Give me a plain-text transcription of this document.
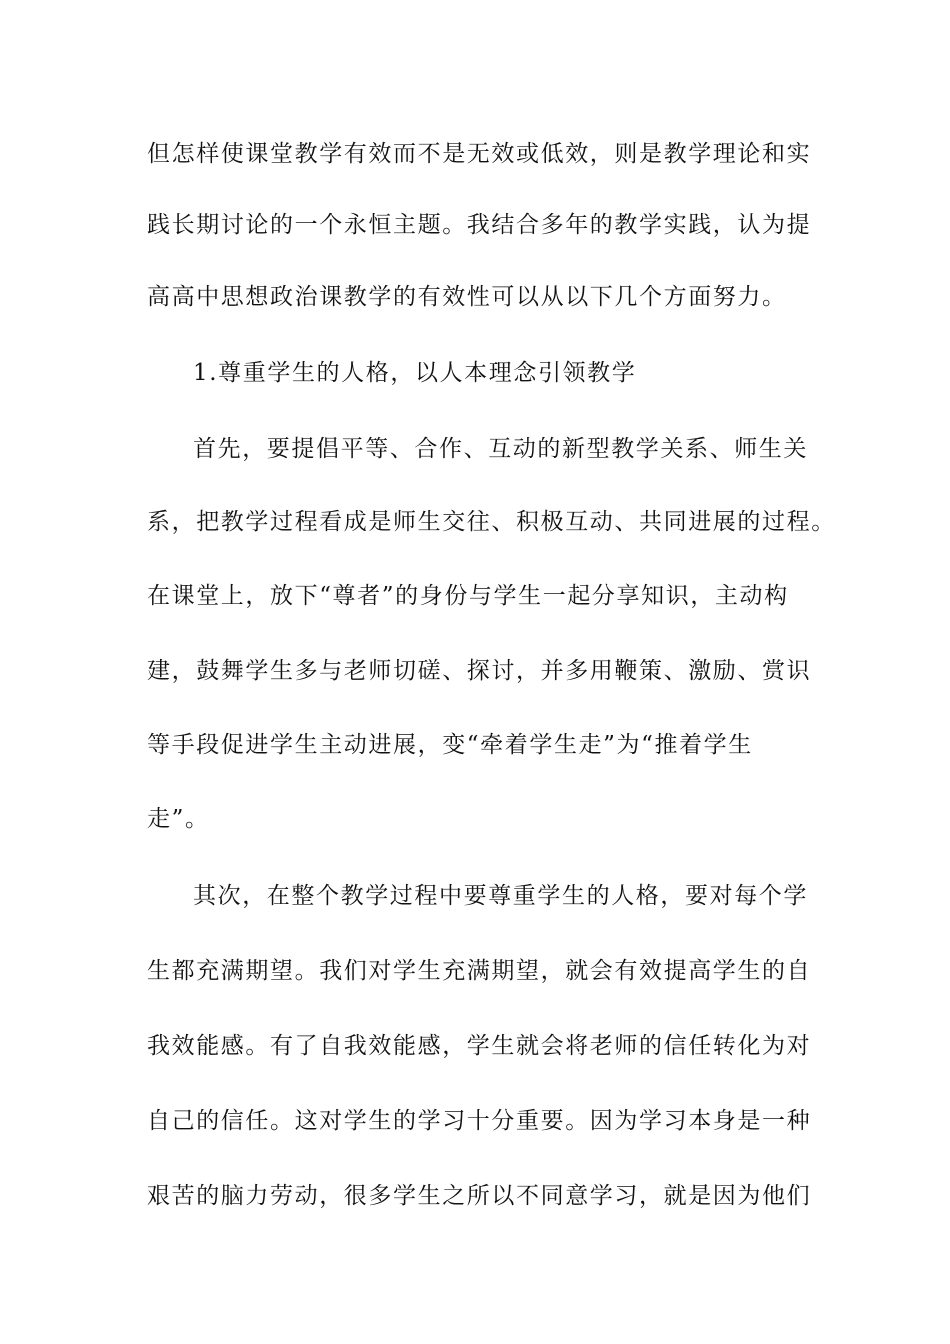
但怎样使课堂教学有效而不是无效或低效，则是教学理论和实
践长期讨论的一个永恒主题。我结合多年的教学实践，认为提
高高中思想政治课教学的有效性可以从以下几个方面努力。
1.尊重学生的人格，以人本理念引领教学
首先，要提倡平等、合作、互动的新型教学关系、师生关
系，把教学过程看成是师生交往、积极互动、共同进展的过程。
在课堂上，放下“尊者”的身份与学生一起分享知识，主动构
建，鼓舞学生多与老师切磋、探讨，并多用鞭策、激励、赏识
等手段促进学生主动进展，变“牵着学生走”为“推着学生
走”。
其次，在整个教学过程中要尊重学生的人格，要对每个学
生都充满期望。我们对学生充满期望，就会有效提高学生的自
我效能感。有了自我效能感，学生就会将老师的信任转化为对
自己的信任。这对学生的学习十分重要。因为学习本身是一种
艰苦的脑力劳动，很多学生之所以不同意学习，就是因为他们
